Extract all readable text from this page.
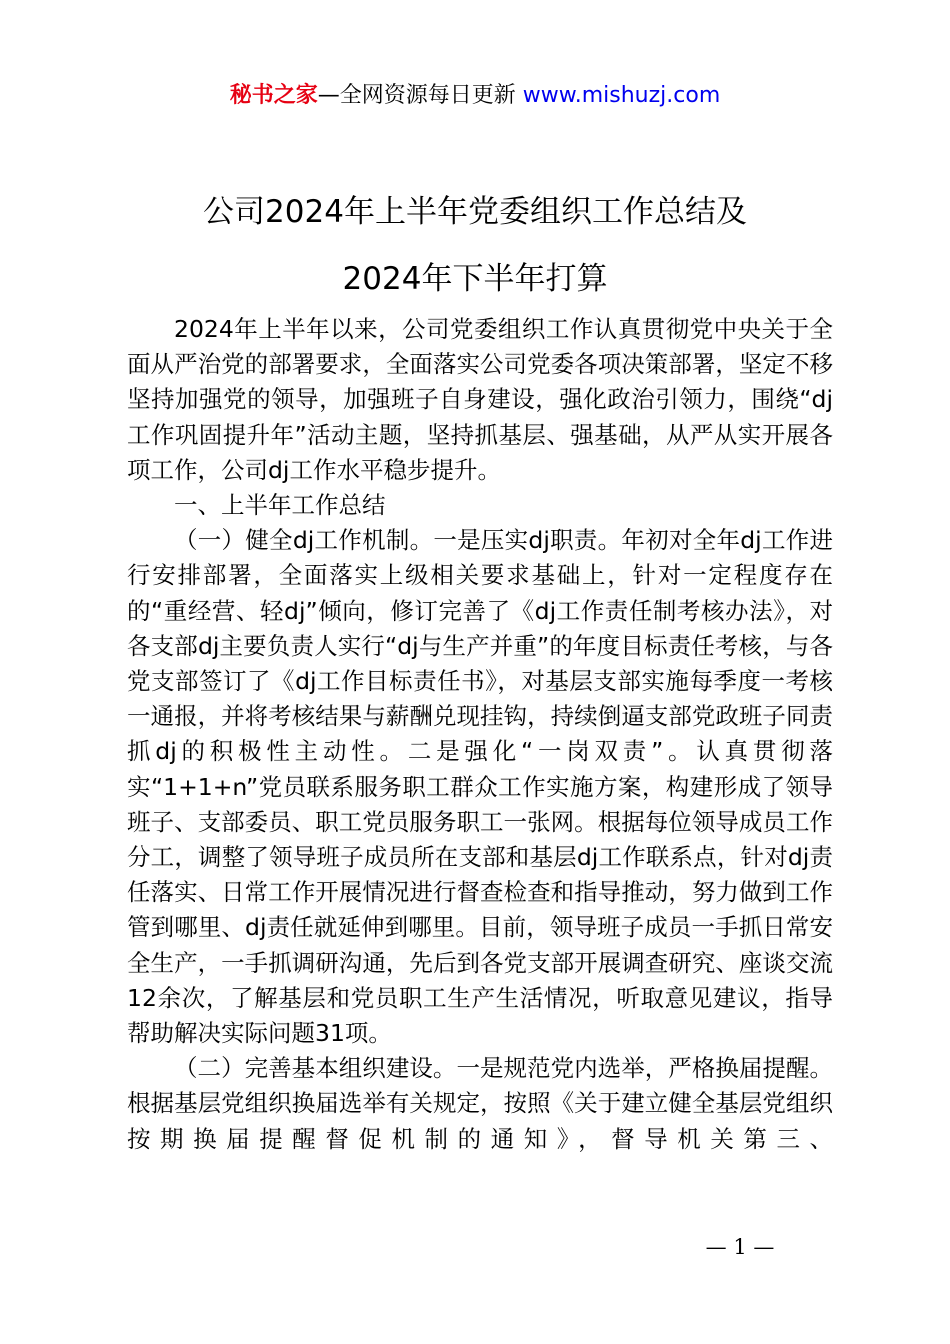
秘书之家—全网资源每日更新 www.mishuzj.com
公司2024年上半年党委组织工作总结及
2024年下半年打算

2024年上半年以来，公司党委组织工作认真贯彻党中央关于全面从严治党的部署要求，全面落实公司党委各项决策部署，坚定不移坚持加强党的领导，加强班子自身建设，强化政治引领力，围绕“dj工作巩固提升年”活动主题，坚持抓基层、强基础，从严从实开展各项工作，公司dj工作水平稳步提升。

一、上半年工作总结

（一）健全dj工作机制。一是压实dj职责。年初对全年dj工作进行安排部署，全面落实上级相关要求基础上，针对一定程度存在的“重经营、轻dj”倾向，修订完善了《dj工作责任制考核办法》，对各支部dj主要负责人实行“dj与生产并重”的年度目标责任考核，与各党支部签订了《dj工作目标责任书》，对基层支部实施每季度一考核一通报，并将考核结果与薪酬兑现挂钩，持续倒逼支部党政班子同责抓dj的积极性主动性。二是强化“一岗双责”。认真贯彻落实“1+1+n”党员联系服务职工群众工作实施方案，构建形成了领导班子、支部委员、职工党员服务职工一张网。根据每位领导成员工作分工，调整了领导班子成员所在支部和基层dj工作联系点，针对dj责任落实、日常工作开展情况进行督查检查和指导推动，努力做到工作管到哪里、dj责任就延伸到哪里。目前，领导班子成员一手抓日常安全生产，一手抓调研沟通，先后到各党支部开展调查研究、座谈交流12余次，了解基层和党员职工生产生活情况，听取意见建议，指导帮助解决实际问题31项。

（二）完善基本组织建设。一是规范党内选举，严格换届提醒。根据基层党组织换届选举有关规定，按照《关于建立健全基层党组织按期换届提醒督促机制的通知》，督导机关第三、

— 1 —
